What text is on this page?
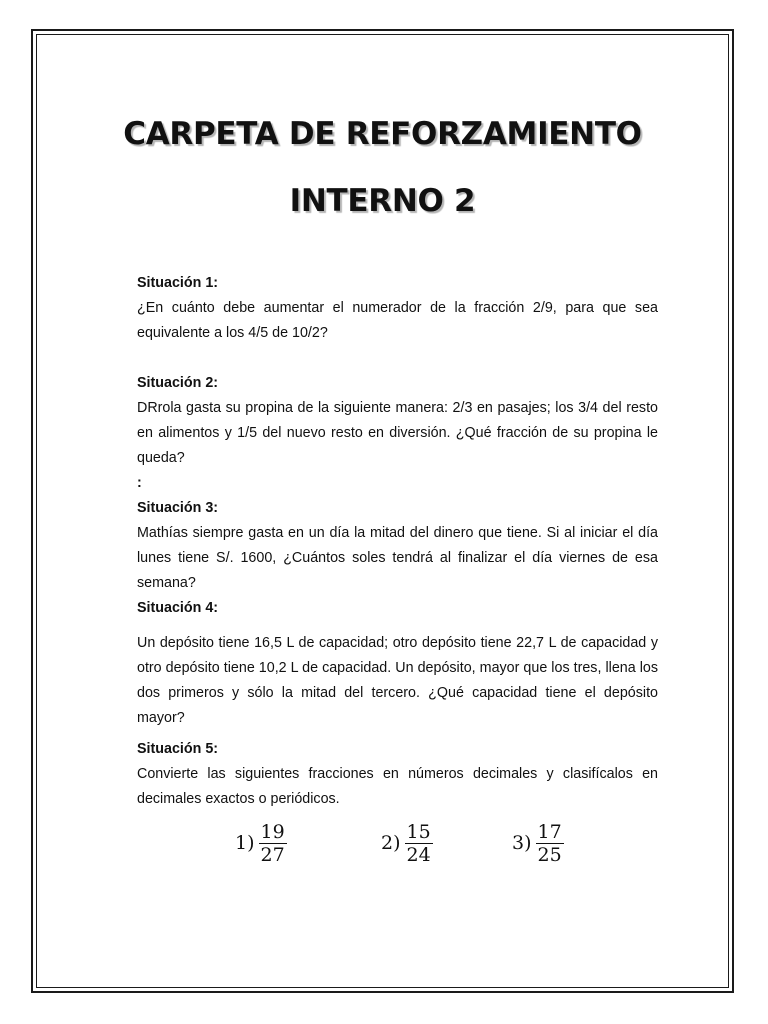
CARPETA DE REFORZAMIENTO
INTERNO 2

Situación 1:

¿En cuánto debe aumentar el numerador de la fracción 2/9, para que sea equivalente a los 4/5 de 10/2?

Situación 2:

DRrola gasta su propina de la siguiente manera: 2/3 en pasajes; los 3/4 del resto en alimentos y 1/5 del nuevo resto en diversión. ¿Qué fracción de su propina le queda?

:

Situación 3:

Mathías siempre gasta en un día la mitad del dinero que tiene. Si al iniciar el día lunes tiene S/. 1600, ¿Cuántos soles tendrá al finalizar el día viernes de esa semana?

Situación 4:

Un depósito tiene 16,5 L de capacidad; otro depósito tiene 22,7 L de capacidad y otro depósito tiene 10,2 L de capacidad. Un depósito, mayor que los tres, llena los dos primeros y sólo la mitad del tercero. ¿Qué capacidad tiene el depósito mayor?

Situación 5:

Convierte las siguientes fracciones en números decimales y clasifícalos en decimales exactos o periódicos.

$1) \frac{19}{27}$	$2) \frac{15}{24}$	$3) \frac{17}{25}$
